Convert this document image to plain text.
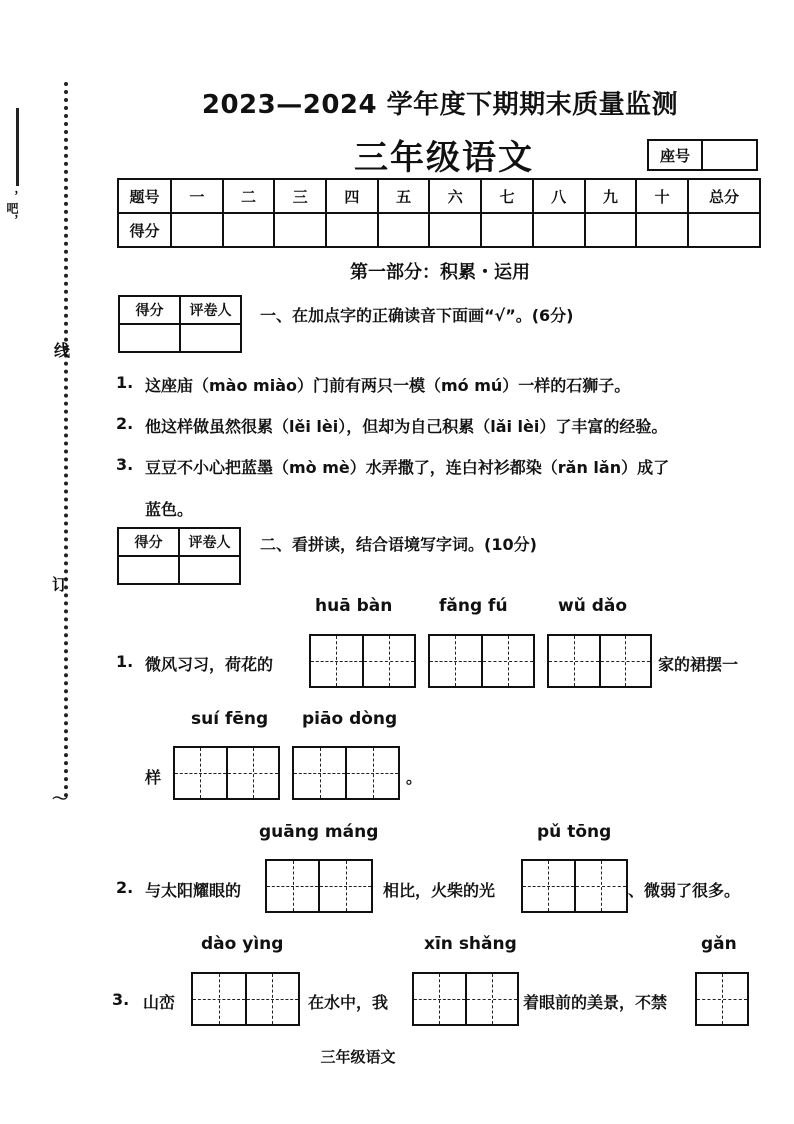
，吧，
线
订
～
2023—2024 学年度下期期末质量监测
三年级语文	座号
题号	一	二	三	四	五	六	七	八	九	十	总分
得分											
第一部分：积累・运用
得分	评卷人
	一、在加点字的正确读音下面画“√”。(6分)
1. 这座庙（mào miào）门前有两只一模（mó mú）一样的石狮子。
2. 他这样做虽然很累（lěi lèi），但却为自己积累（lǎi lèi）了丰富的经验。
3. 豆豆不小心把蓝墨（mò mè）水弄撒了，连白衬衫都染（rǎn lǎn）成了
蓝色。
得分	评卷人
	二、看拼读，结合语境写字词。(10分)
huā bàn	fǎng fú	wǔ dǎo
1. 微风习习，荷花的	家的裙摆一
suí fēng piāo dòng
样	。
guāng máng	pǔ tōng
2. 与太阳耀眼的	相比，火柴的光	、微弱了很多。
dào yìng	xīn shǎng	gǎn
3. 山峦	在水中，我	着眼前的美景，不禁
三年级语文
